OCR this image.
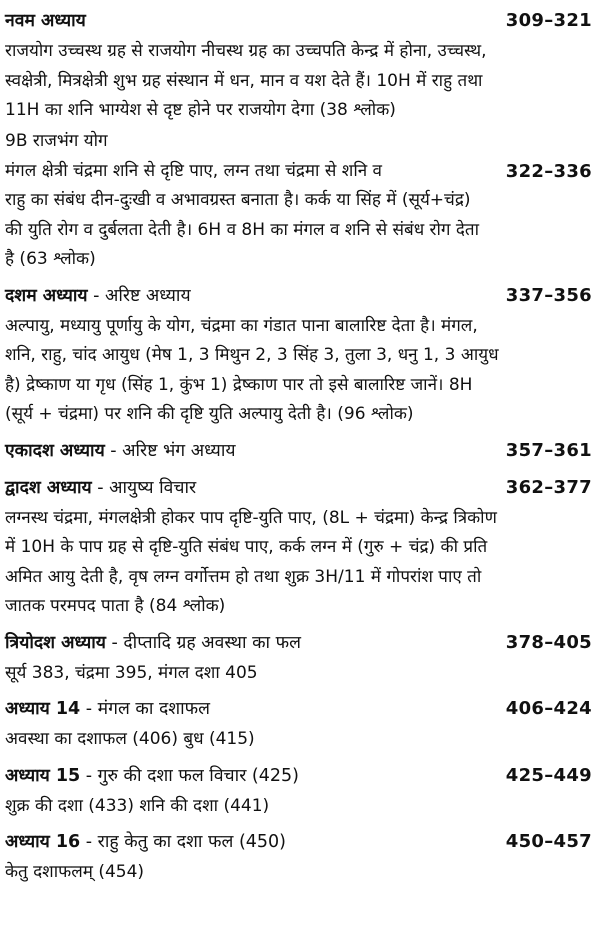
नवम अध्याय	309–321
राजयोग उच्चस्थ ग्रह से राजयोग नीचस्थ ग्रह का उच्चपति केन्द्र में होना, उच्चस्थ,
स्वक्षेत्री, मित्रक्षेत्री शुभ ग्रह संस्थान में धन, मान व यश देते हैं। 10H में राहु तथा
11H का शनि भाग्येश से दृष्ट होने पर राजयोग देगा (38 श्लोक)
9B राजभंग योग
मंगल क्षेत्री चंद्रमा शनि से दृष्टि पाए, लग्न तथा चंद्रमा से शनि व	322–336
राहु का संबंध दीन-दुःखी व अभावग्रस्त बनाता है। कर्क या सिंह में (सूर्य+चंद्र)
की युति रोग व दुर्बलता देती है। 6H व 8H का मंगल व शनि से संबंध रोग देता
है (63 श्लोक)
दशम अध्याय - अरिष्ट अध्याय	337–356
अल्पायु, मध्यायु पूर्णायु के योग, चंद्रमा का गंडात पाना बालारिष्ट देता है। मंगल,
शनि, राहु, चांद आयुध (मेष 1, 3 मिथुन 2, 3 सिंह 3, तुला 3, धनु 1, 3 आयुध
है) द्रेष्काण या गृध (सिंह 1, कुंभ 1) द्रेष्काण पार तो इसे बालारिष्ट जानें। 8H
(सूर्य + चंद्रमा) पर शनि की दृष्टि युति अल्पायु देती है। (96 श्लोक)
एकादश अध्याय - अरिष्ट भंग अध्याय	357–361
द्वादश अध्याय - आयुष्य विचार	362–377
लग्नस्थ चंद्रमा, मंगलक्षेत्री होकर पाप दृष्टि-युति पाए, (8L + चंद्रमा) केन्द्र त्रिकोण
में 10H के पाप ग्रह से दृष्टि-युति संबंध पाए, कर्क लग्न में (गुरु + चंद्र) की प्रति
अमित आयु देती है, वृष लग्न वर्गोत्तम हो तथा शुक्र 3H/11 में गोपरांश पाए तो
जातक परमपद पाता है (84 श्लोक)
त्रियोदश अध्याय - दीप्तादि ग्रह अवस्था का फल	378–405
सूर्य 383, चंद्रमा 395, मंगल दशा 405
अध्याय 14 - मंगल का दशाफल	406–424
अवस्था का दशाफल (406) बुध (415)
अध्याय 15 - गुरु की दशा फल विचार (425)	425–449
शुक्र की दशा (433) शनि की दशा (441)
अध्याय 16 - राहु केतु का दशा फल (450)	450–457
केतु दशाफलम् (454)
